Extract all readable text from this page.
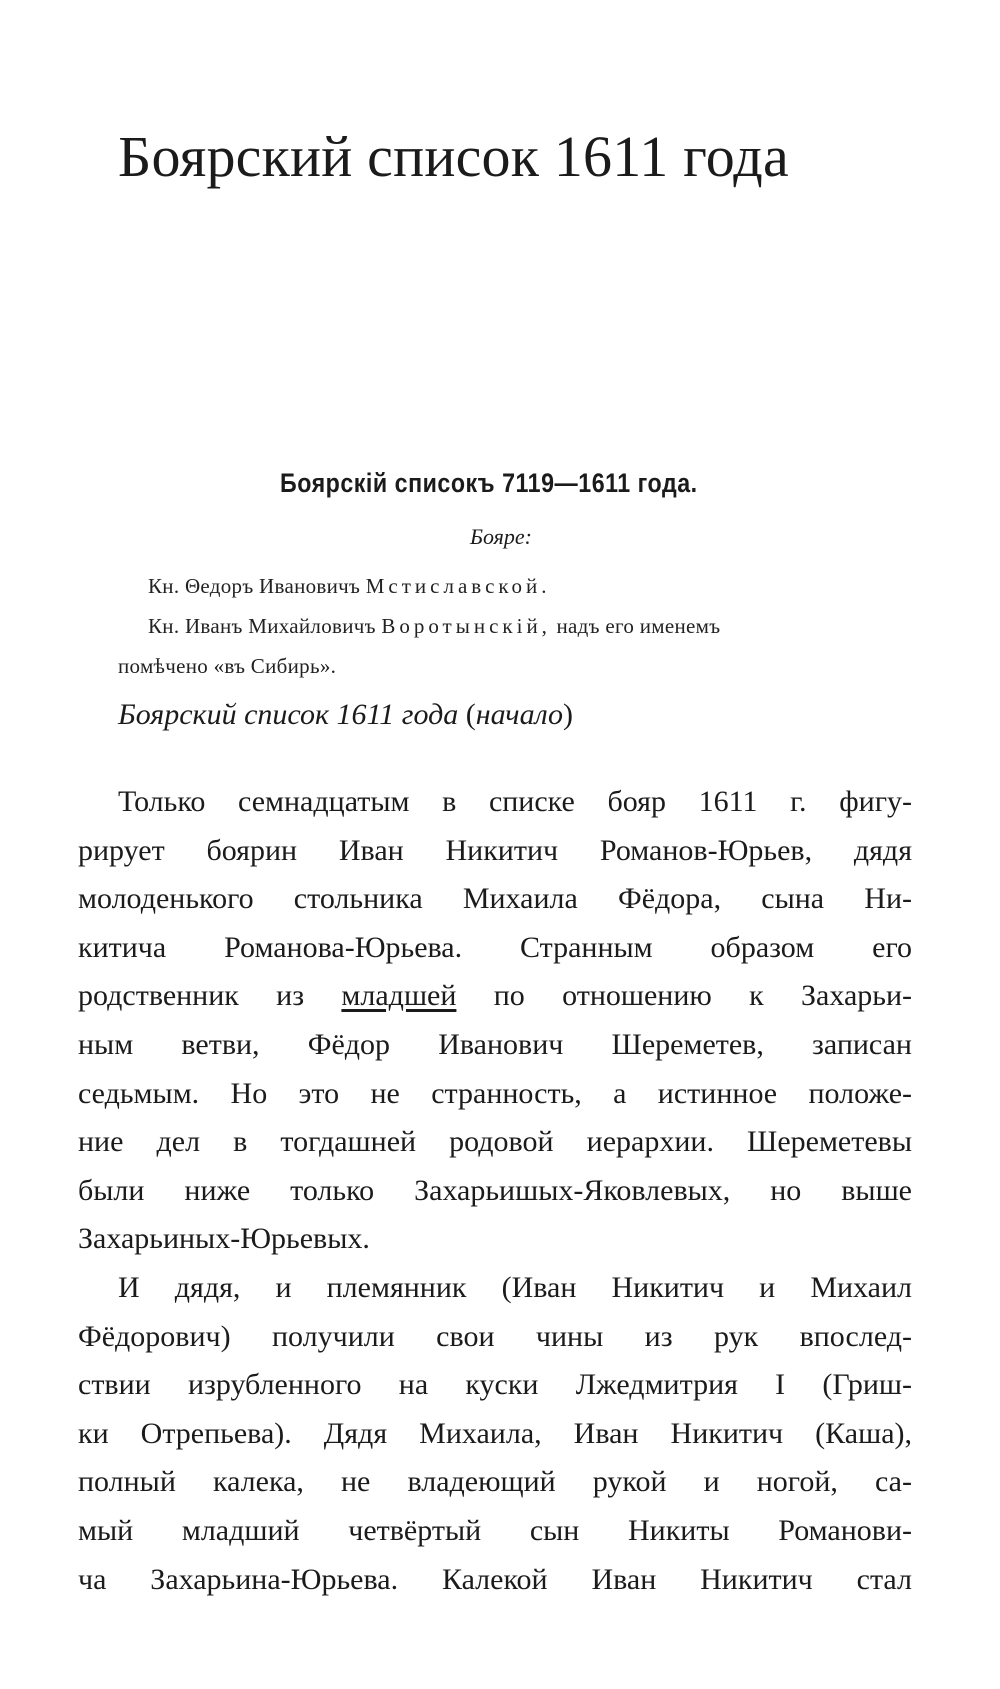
Боярский список 1611 года
Боярскій списокъ 7119—1611 года.
Бояре:
Кн. Θедоръ Ивановичъ Мстиславской.
Кн. Иванъ Михайловичъ Воротынскій, надъ его именемъ
помѣчено «въ Сибирь».
Боярский список 1611 года (начало)
Только семнадцатым в списке бояр 1611 г. фигу-
рирует боярин Иван Никитич Романов-Юрьев, дядя
молоденького стольника Михаила Фёдора, сына Ни-
китича Романова-Юрьева. Странным образом его
родственник из младшей по отношению к Захарьи-
ным ветви, Фёдор Иванович Шереметев, записан
седьмым. Но это не странность, а истинное положе-
ние дел в тогдашней родовой иерархии. Шереметевы
были ниже только Захарьишых-Яковлевых, но выше
Захарьиных-Юрьевых.
И дядя, и племянник (Иван Никитич и Михаил
Фёдорович) получили свои чины из рук впослед-
ствии изрубленного на куски Лжедмитрия I (Гриш-
ки Отрепьева). Дядя Михаила, Иван Никитич (Каша),
полный калека, не владеющий рукой и ногой, са-
мый младший четвёртый сын Никиты Романови-
ча Захарьина-Юрьева. Калекой Иван Никитич стал
